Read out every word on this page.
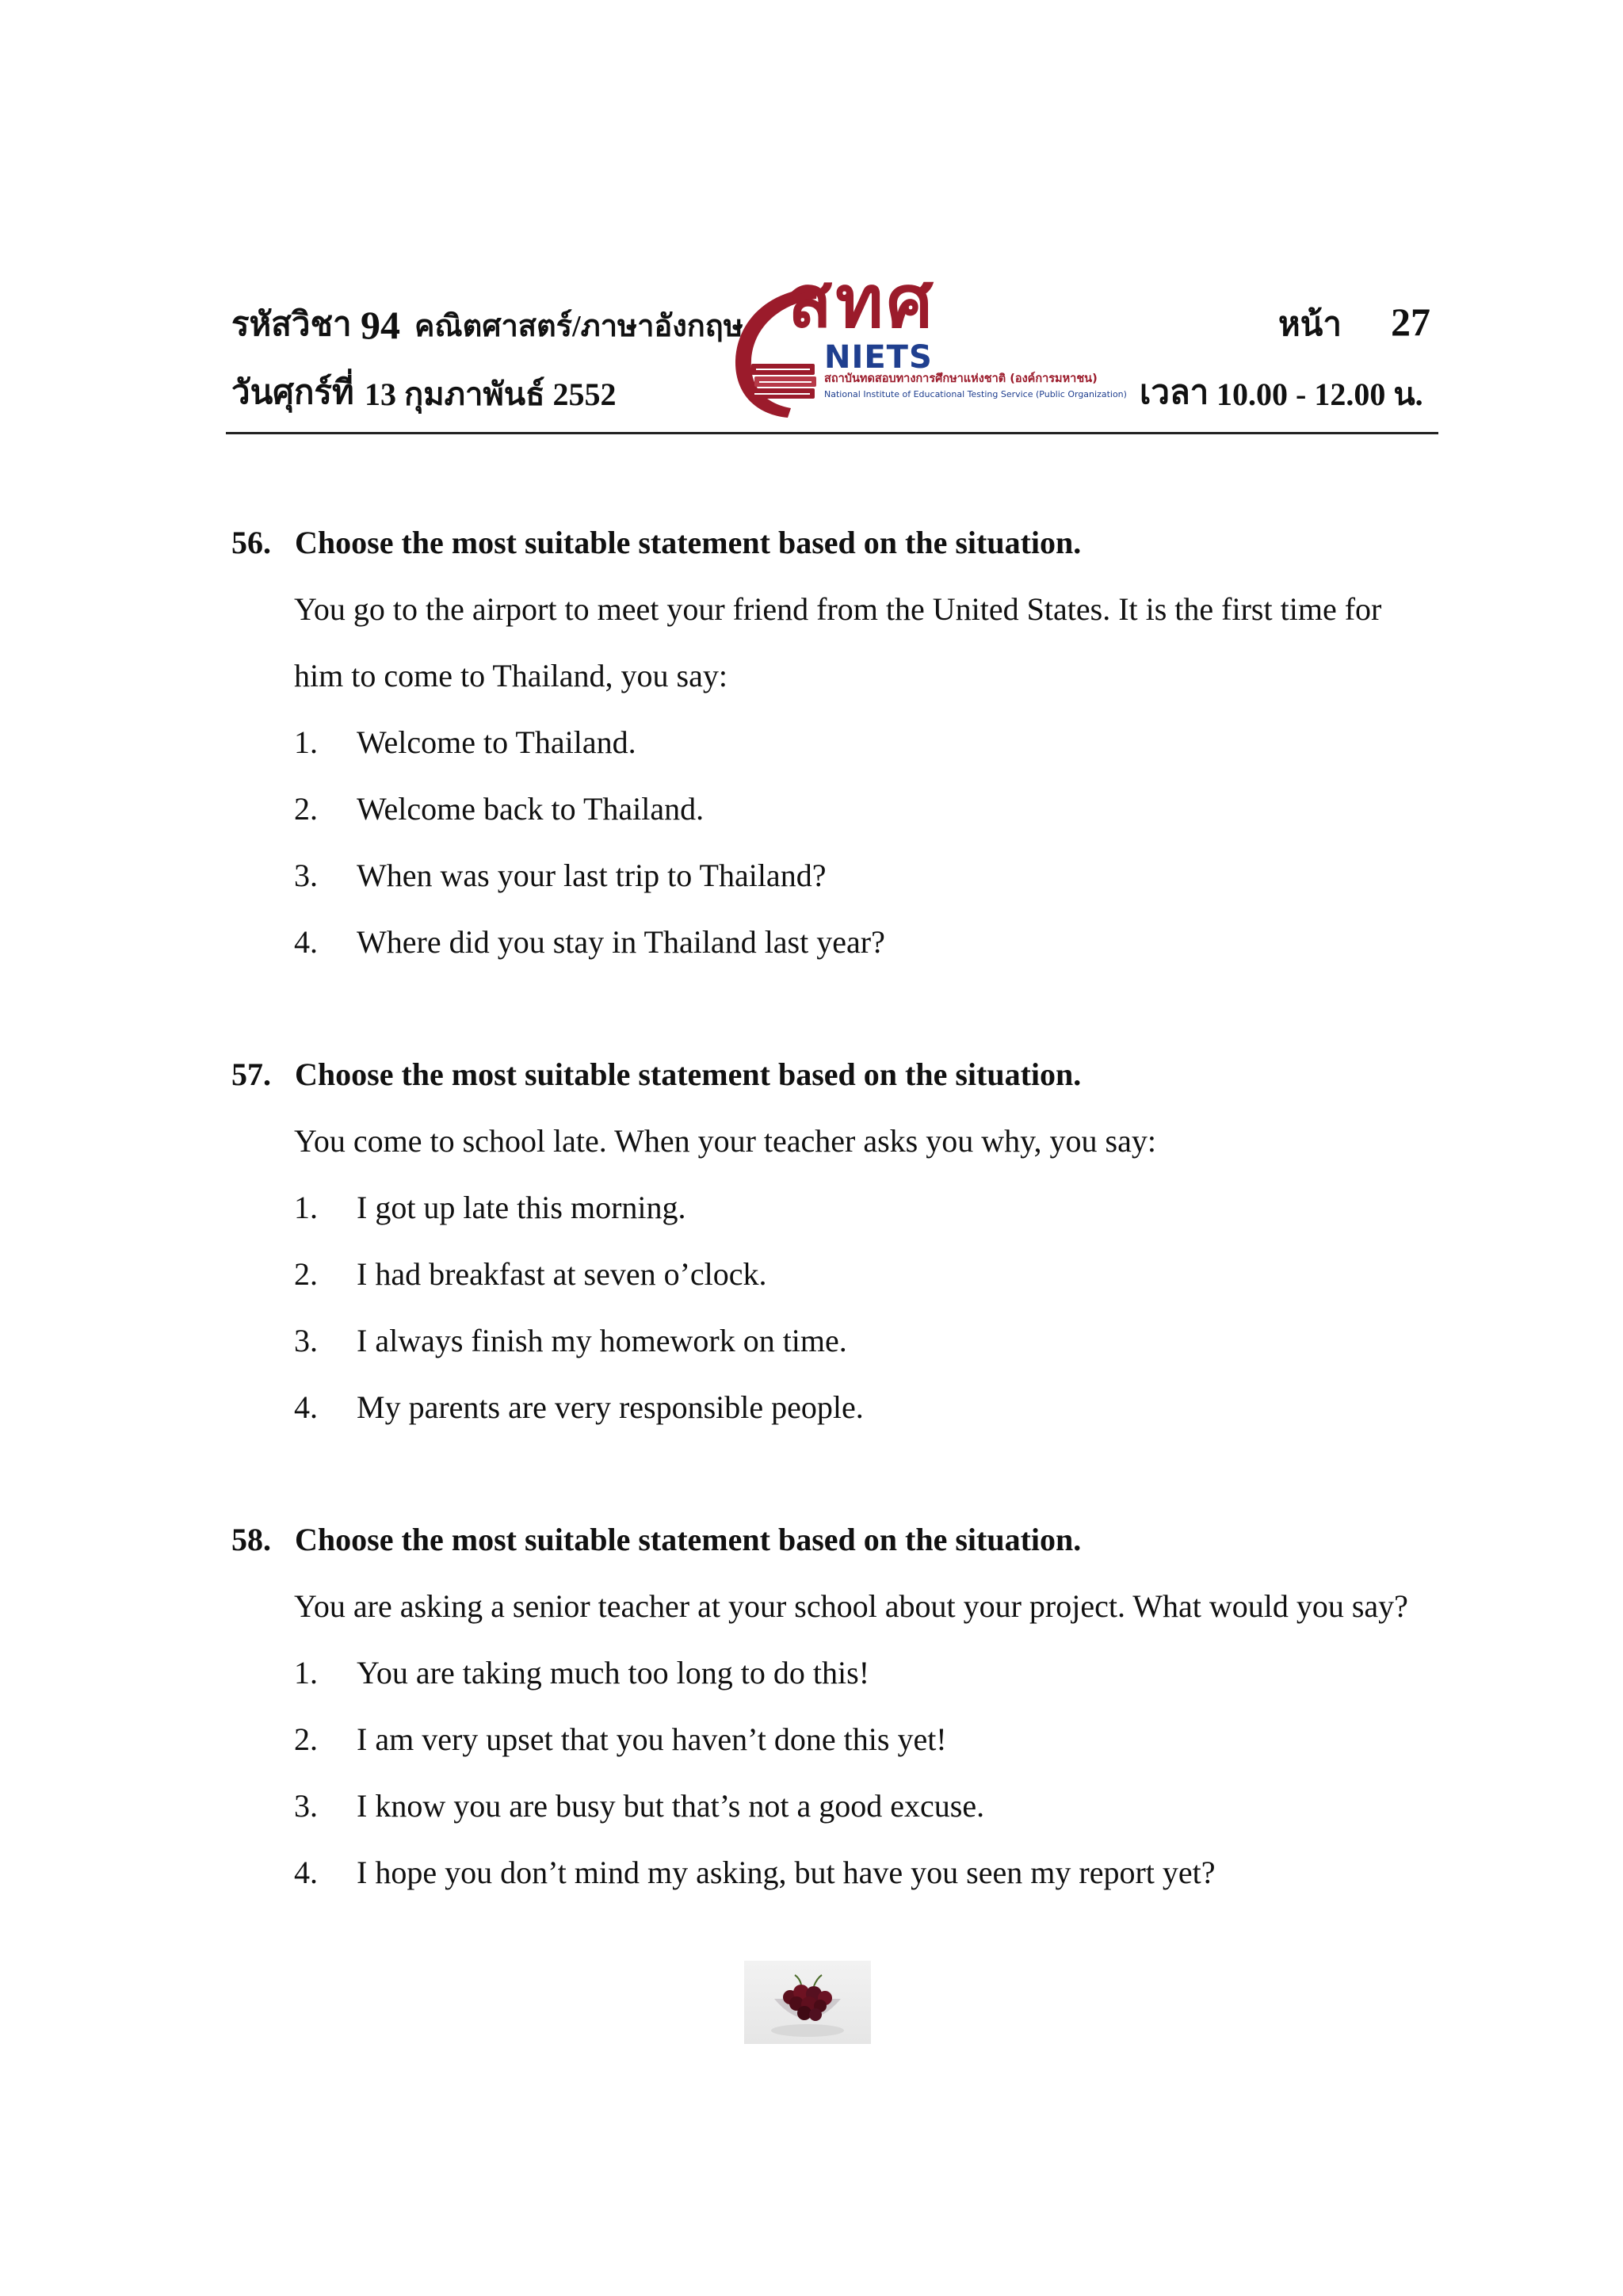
รหัสวิชา 94 คณิตศาสตร์/ภาษาอังกฤษ	หน้า 27
วันศุกร์ที่ 13 กุมภาพันธ์ 2552	เวลา 10.00 - 12.00 น.
สทศ
NIETS
สถาบันทดสอบทางการศึกษาแห่งชาติ (องค์การมหาชน)
National Institute of Educational Testing Service (Public Organization)
56. Choose the most suitable statement based on the situation.
You go to the airport to meet your friend from the United States. It is the first time for
him to come to Thailand, you say:
1. Welcome to Thailand.
2. Welcome back to Thailand.
3. When was your last trip to Thailand?
4. Where did you stay in Thailand last year?
57. Choose the most suitable statement based on the situation.
You come to school late. When your teacher asks you why, you say:
1. I got up late this morning.
2. I had breakfast at seven o’clock.
3. I always finish my homework on time.
4. My parents are very responsible people.
58. Choose the most suitable statement based on the situation.
You are asking a senior teacher at your school about your project. What would you say?
1. You are taking much too long to do this!
2. I am very upset that you haven’t done this yet!
3. I know you are busy but that’s not a good excuse.
4. I hope you don’t mind my asking, but have you seen my report yet?
